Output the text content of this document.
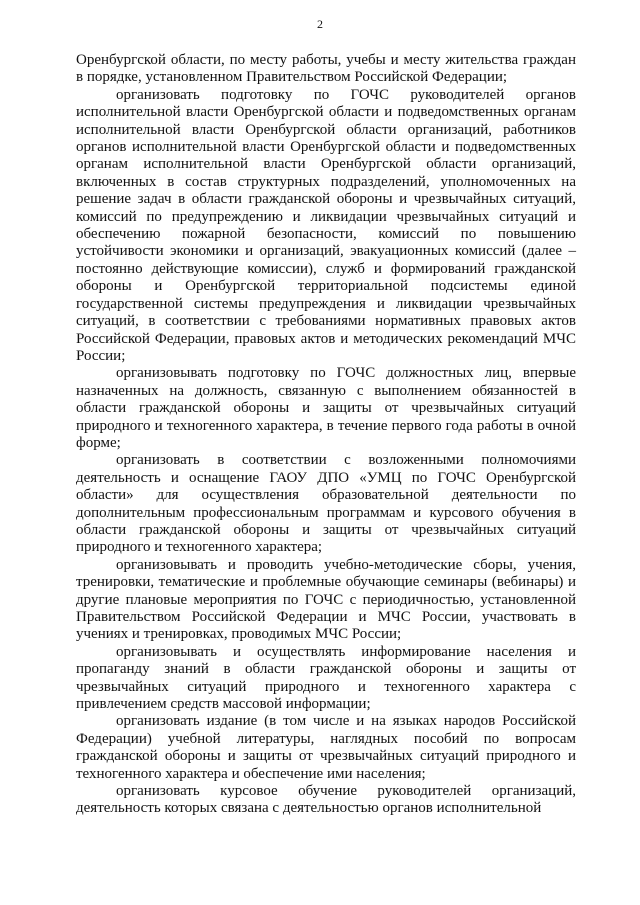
2

Оренбургской области, по месту работы, учебы и месту жительства граждан в порядке, установленном Правительством Российской Федерации;

организовать подготовку по ГОЧС руководителей органов исполнительной власти Оренбургской области и подведомственных органам исполнительной власти Оренбургской области организаций, работников органов исполнительной власти Оренбургской области и подведомственных органам исполнительной власти Оренбургской области организаций, включенных в состав структурных подразделений, уполномоченных на решение задач в области гражданской обороны и чрезвычайных ситуаций, комиссий по предупреждению и ликвидации чрезвычайных ситуаций и обеспечению пожарной безопасности, комиссий по повышению устойчивости экономики и организаций, эвакуационных комиссий (далее – постоянно действующие комиссии), служб и формирований гражданской обороны и Оренбургской территориальной подсистемы единой государственной системы предупреждения и ликвидации чрезвычайных ситуаций, в соответствии с требованиями нормативных правовых актов Российской Федерации, правовых актов и методических рекомендаций МЧС России;

организовывать подготовку по ГОЧС должностных лиц, впервые назначенных на должность, связанную с выполнением обязанностей в области гражданской обороны и защиты от чрезвычайных ситуаций природного и техногенного характера, в течение первого года работы в очной форме;

организовать в соответствии с возложенными полномочиями деятельность и оснащение ГАОУ ДПО «УМЦ по ГОЧС Оренбургской области» для осуществления образовательной деятельности по дополнительным профессиональным программам и курсового обучения в области гражданской обороны и защиты от чрезвычайных ситуаций природного и техногенного характера;

организовывать и проводить учебно-методические сборы, учения, тренировки, тематические и проблемные обучающие семинары (вебинары) и другие плановые мероприятия по ГОЧС с периодичностью, установленной Правительством Российской Федерации и МЧС России, участвовать в учениях и тренировках, проводимых МЧС России;

организовывать и осуществлять информирование населения и пропаганду знаний в области гражданской обороны и защиты от чрезвычайных ситуаций природного и техногенного характера с привлечением средств массовой информации;

организовать издание (в том числе и на языках народов Российской Федерации) учебной литературы, наглядных пособий по вопросам гражданской обороны и защиты от чрезвычайных ситуаций природного и техногенного характера и обеспечение ими населения;

организовать курсовое обучение руководителей организаций, деятельность которых связана с деятельностью органов исполнительной
